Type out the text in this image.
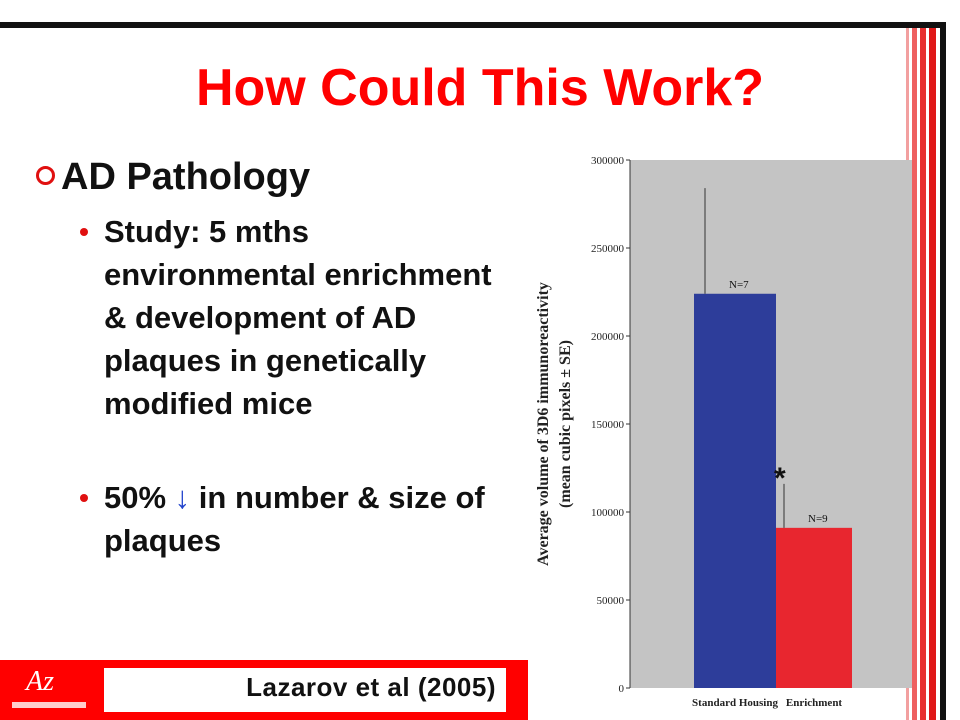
How Could This Work?
AD Pathology
Study: 5 mths environmental enrichment & development of AD plaques in genetically modified mice
50% ↓ in number & size of plaques
Lazarov et al (2005)
Az	0
50000
100000
150000
200000
250000
300000
Average volume of 3D6 immunoreactivity (mean cubic pixels ± SE)
N=7
Standard Housing
N=9
*
Enrichment
